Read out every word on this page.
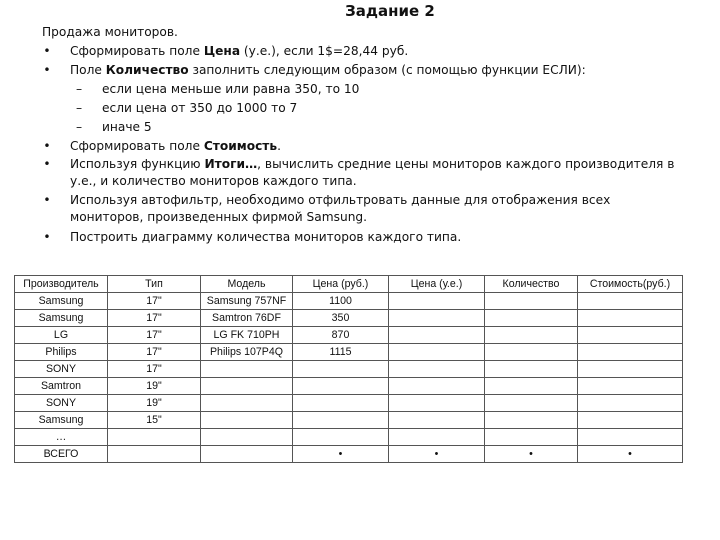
Задание 2
Продажа мониторов.
• Сформировать поле Цена (у.е.), если 1$=28,44 руб.
• Поле Количество заполнить следующим образом (с помощью функции ЕСЛИ):
– если цена меньше или равна 350, то 10
– если цена от 350 до 1000 то 7
– иначе 5
• Сформировать поле Стоимость.
• Используя функцию Итоги…, вычислить средние цены мониторов каждого производителя в у.е., и количество мониторов каждого типа.
• Используя автофильтр, необходимо отфильтровать данные для отображения всех мониторов, произведенных фирмой Samsung.
• Построить диаграмму количества мониторов каждого типа.
Производитель	Тип	Модель	Цена (руб.)	Цена (у.е.)	Количество	Стоимость(руб.)
Samsung	17"	Samsung 757NF	1100			
Samsung	17"	Samtron 76DF	350			
LG	17"	LG FK 710PH	870			
Philips	17"	Philips 107P4Q	1115			
SONY	17"					
Samtron	19"					
SONY	19"					
Samsung	15"					
…						
ВСЕГО			•	•	•	•
